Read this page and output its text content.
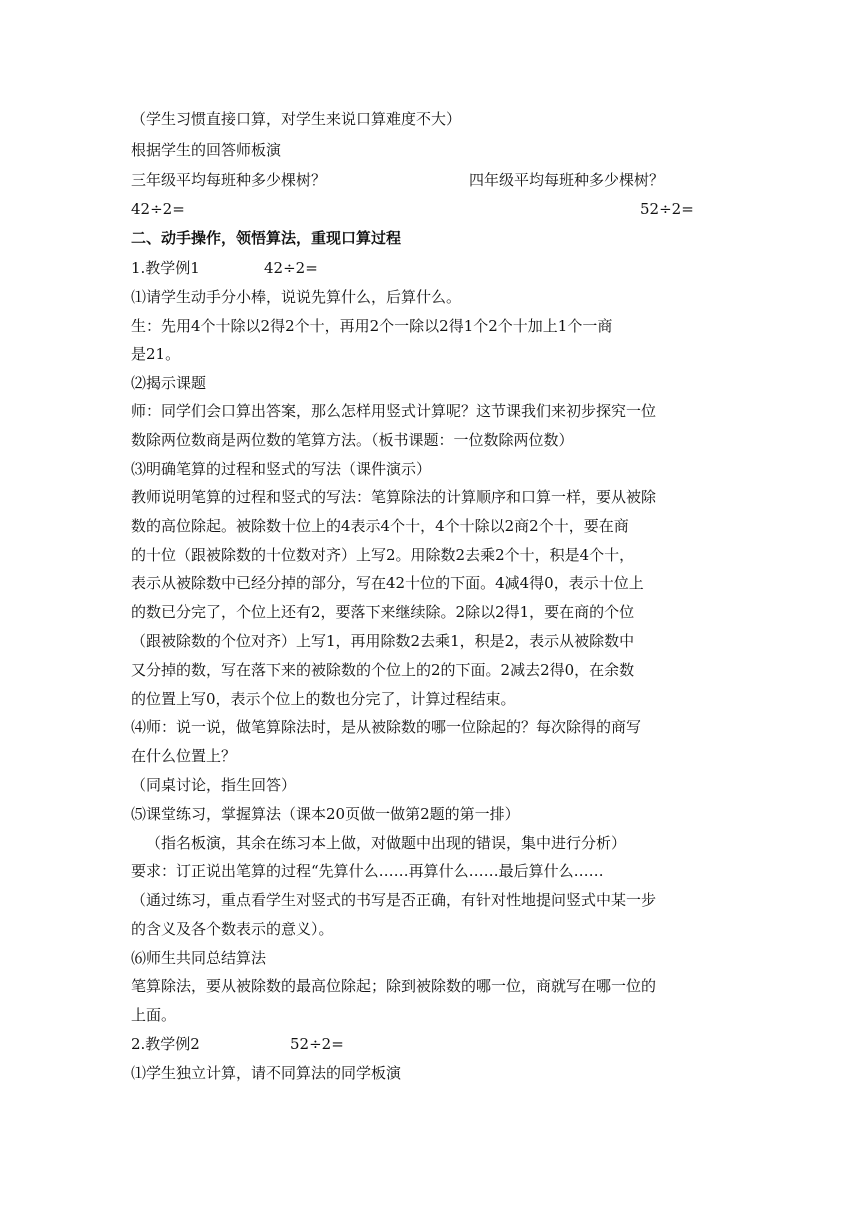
（学生习惯直接口算，对学生来说口算难度不大）
根据学生的回答师板演
三年级平均每班种多少棵树？	四年级平均每班种多少棵树？
42÷2=	52÷2=
二、动手操作，领悟算法，重现口算过程
1.教学例1	42÷2=
⑴请学生动手分小棒，说说先算什么，后算什么。
生：先用4个十除以2得2个十，再用2个一除以2得1个2个十加上1个一商
是21。
⑵揭示课题
师：同学们会口算出答案，那么怎样用竖式计算呢？这节课我们来初步探究一位
数除两位数商是两位数的笔算方法。（板书课题：一位数除两位数）
⑶明确笔算的过程和竖式的写法（课件演示）
教师说明笔算的过程和竖式的写法：笔算除法的计算顺序和口算一样，要从被除
数的高位除起。被除数十位上的4表示4个十，4个十除以2商2个十，要在商
的十位（跟被除数的十位数对齐）上写2。用除数2去乘2个十，积是4个十，
表示从被除数中已经分掉的部分，写在42十位的下面。4减4得0，表示十位上
的数已分完了，个位上还有2，要落下来继续除。2除以2得1，要在商的个位
（跟被除数的个位对齐）上写1，再用除数2去乘1，积是2，表示从被除数中
又分掉的数，写在落下来的被除数的个位上的2的下面。2减去2得0，在余数
的位置上写0，表示个位上的数也分完了，计算过程结束。
⑷师：说一说，做笔算除法时，是从被除数的哪一位除起的？每次除得的商写
在什么位置上？
（同桌讨论，指生回答）
⑸课堂练习，掌握算法（课本20页做一做第2题的第一排）
（指名板演，其余在练习本上做，对做题中出现的错误，集中进行分析）
要求：订正说出笔算的过程“先算什么……再算什么……最后算什么……
（通过练习，重点看学生对竖式的书写是否正确，有针对性地提问竖式中某一步
的含义及各个数表示的意义）。
⑹师生共同总结算法
笔算除法，要从被除数的最高位除起；除到被除数的哪一位，商就写在哪一位的
上面。
2.教学例2	52÷2=
⑴学生独立计算，请不同算法的同学板演
